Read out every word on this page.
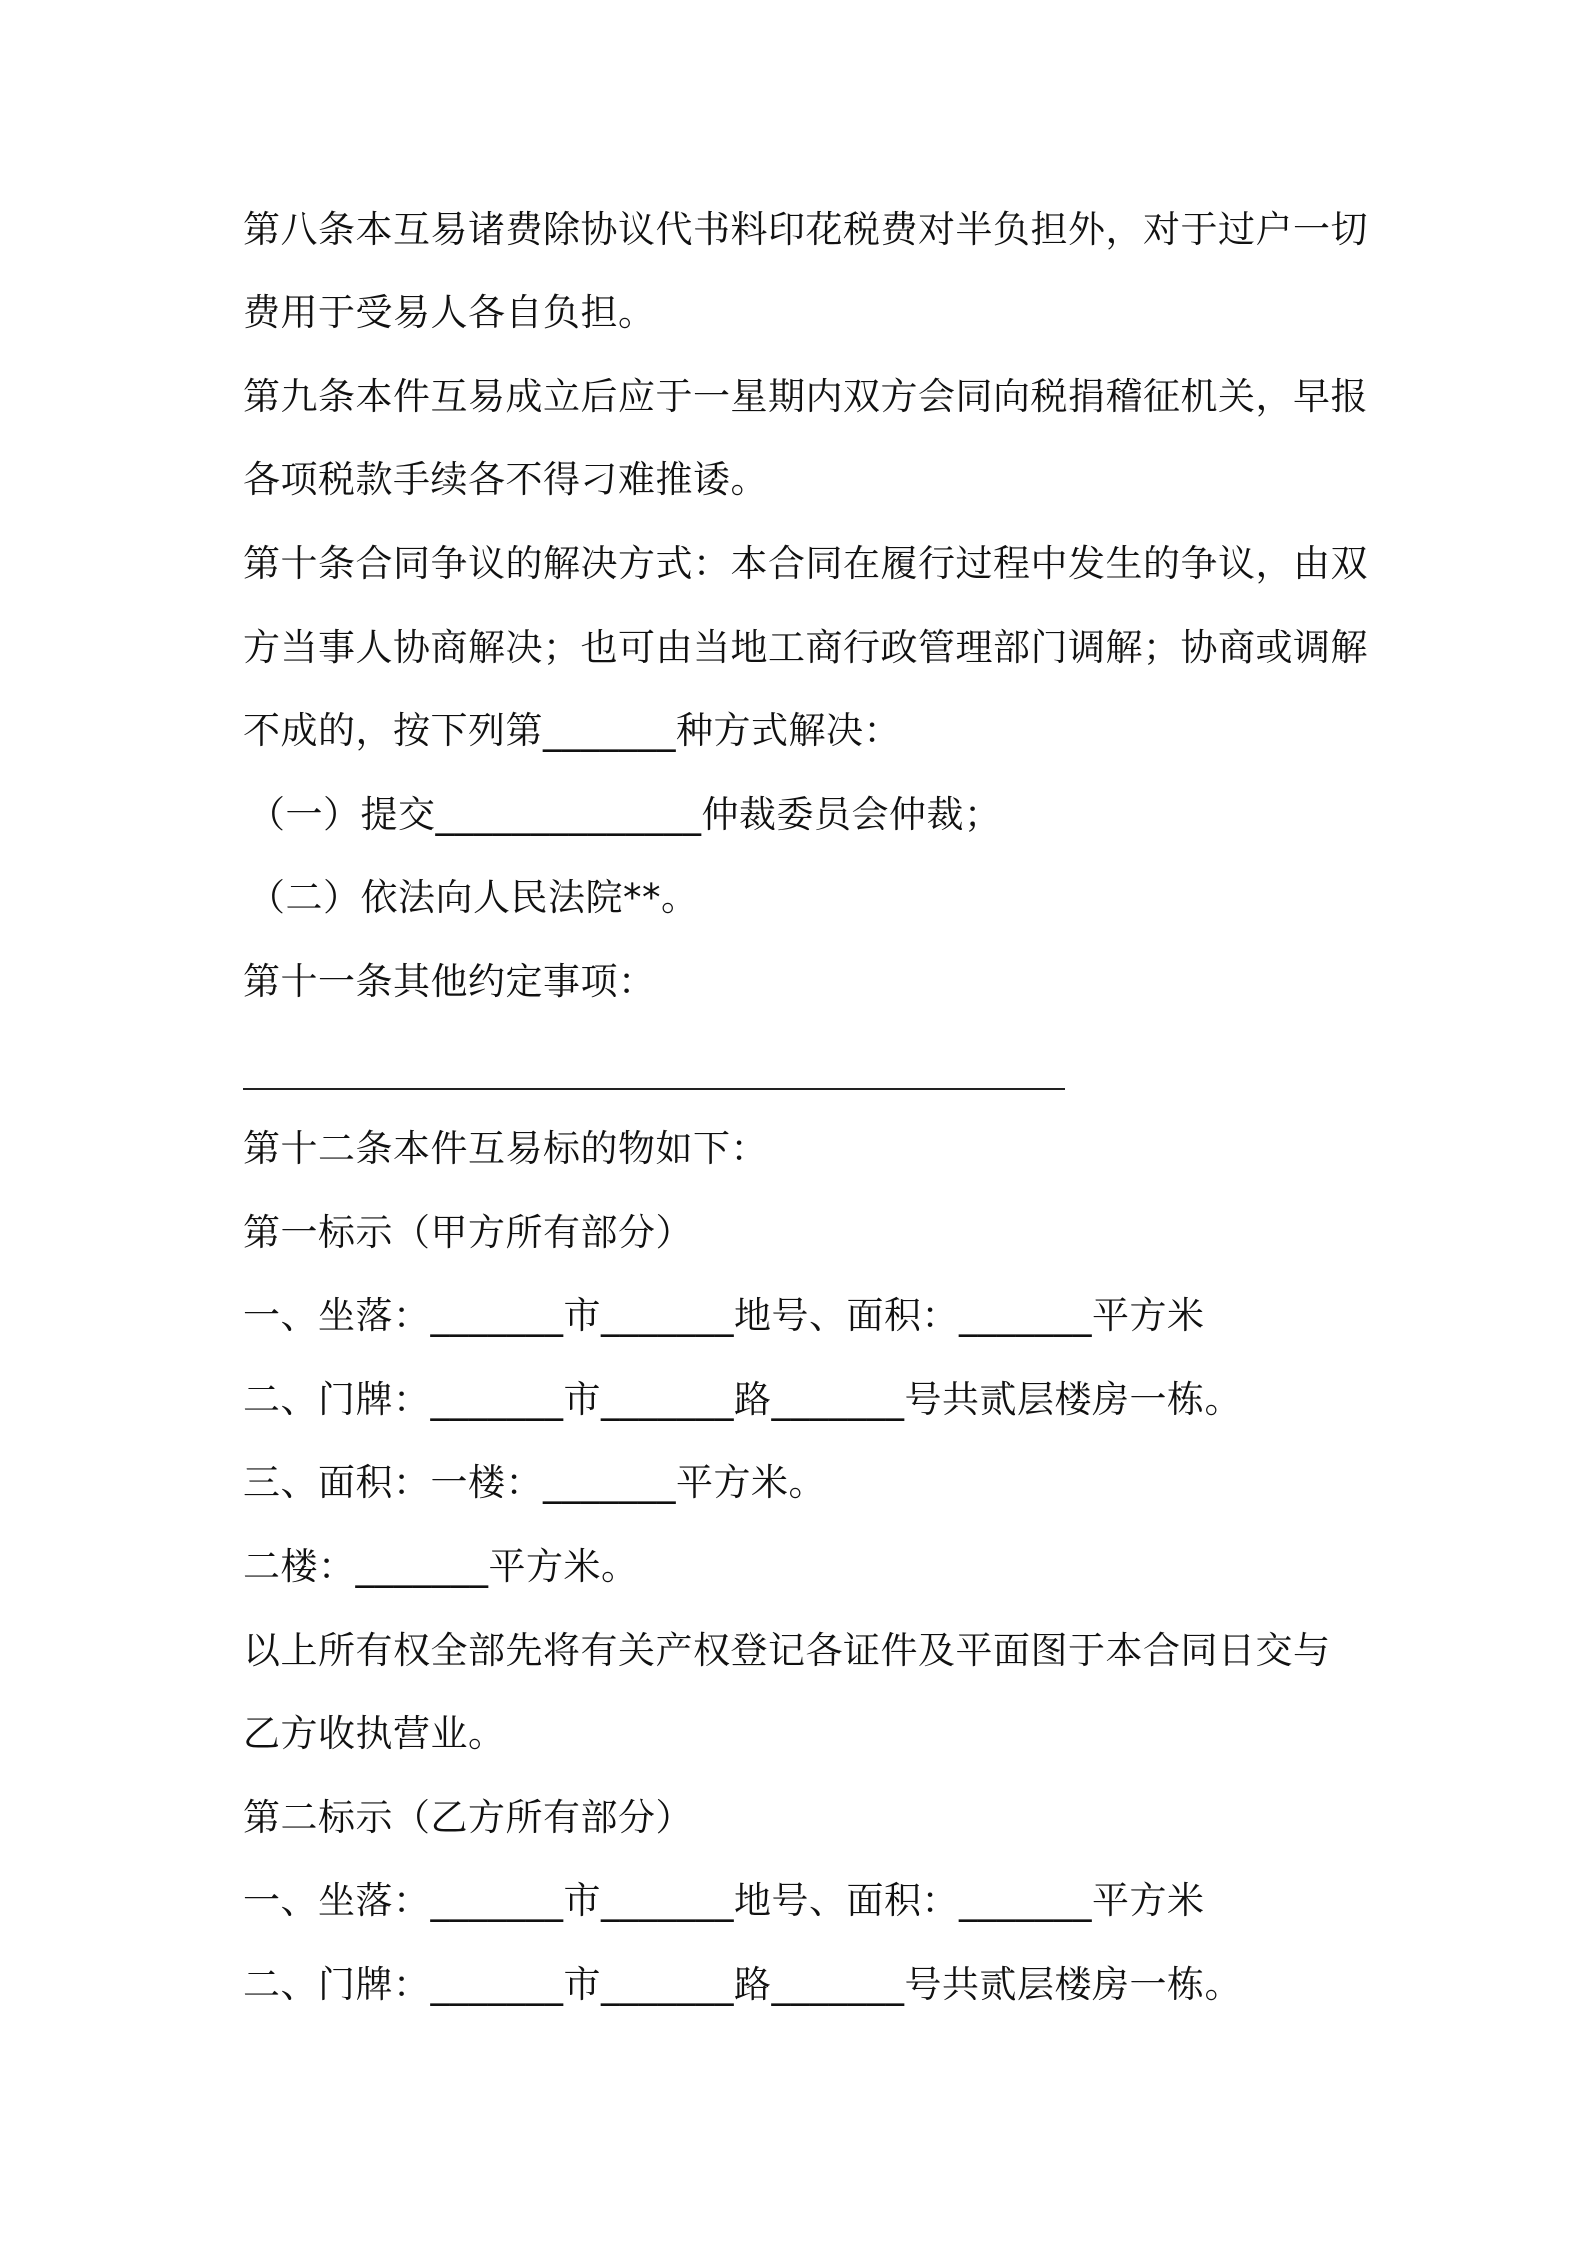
第八条本互易诸费除协议代书料印花税费对半负担外，对于过户一切
费用于受易人各自负担。
第九条本件互易成立后应于一星期内双方会同向税捐稽征机关，早报
各项税款手续各不得刁难推诿。
第十条合同争议的解决方式：本合同在履行过程中发生的争议，由双
方当事人协商解决；也可由当地工商行政管理部门调解；协商或调解
不成的，按下列第_______种方式解决：
（一）提交______________仲裁委员会仲裁；
（二）依法向人民法院**。
第十一条其他约定事项：
第十二条本件互易标的物如下：
第一标示（甲方所有部分）
一、坐落：_______市_______地号、面积：_______平方米
二、门牌：_______市_______路_______号共贰层楼房一栋。
三、面积：一楼：_______平方米。
二楼：_______平方米。
以上所有权全部先将有关产权登记各证件及平面图于本合同日交与
乙方收执营业。
第二标示（乙方所有部分）
一、坐落：_______市_______地号、面积：_______平方米
二、门牌：_______市_______路_______号共贰层楼房一栋。
